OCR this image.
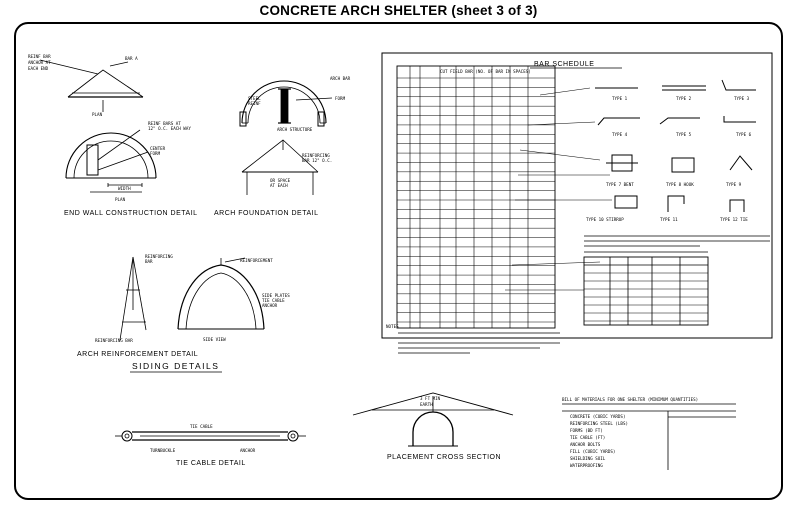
CONCRETE ARCH SHELTER (sheet 3 of 3)
REINF BAR
ANCHOR AT
EACH END
BAR A
PLAN
REINF BARS AT
12" O.C. EACH WAY
CENTER
FORM
WIDTH
PLAN
END WALL CONSTRUCTION DETAIL
STEEL
REINF
ARCH BAR
FORM
ARCH STRUCTURE
REINFORCING
BAR 12" O.C.
OR SPACE
AT EACH
ARCH FOUNDATION DETAIL
REINFORCING
BAR
REINFORCING BAR
ARCH REINFORCEMENT DETAIL
REINFORCEMENT
SIDE PLATES
TIE CABLE
ANCHOR
SIDE VIEW
SIDING DETAILS
TIE CABLE
TURNBUCKLE	ANCHOR
TIE CABLE DETAIL
3 FT MIN
EARTH
PLACEMENT CROSS SECTION
BILL OF MATERIALS FOR ONE SHELTER (MINIMUM QUANTITIES)
CONCRETE (CUBIC YARDS)
REINFORCING STEEL (LBS)
FORMS (BD FT)
TIE CABLE (FT)
ANCHOR BOLTS
FILL (CUBIC YARDS)
SHIELDING SOIL
WATERPROOFING
BAR SCHEDULE
CUT FIELD BAR (NO. OF BAR IN SPACES)
TYPE 1	TYPE 2	TYPE 3
TYPE 4	TYPE 5	TYPE 6
TYPE 7 BENT	TYPE 8 HOOK	TYPE 9
TYPE 10 STIRRUP	TYPE 11	TYPE 12 TIE
NOTES
